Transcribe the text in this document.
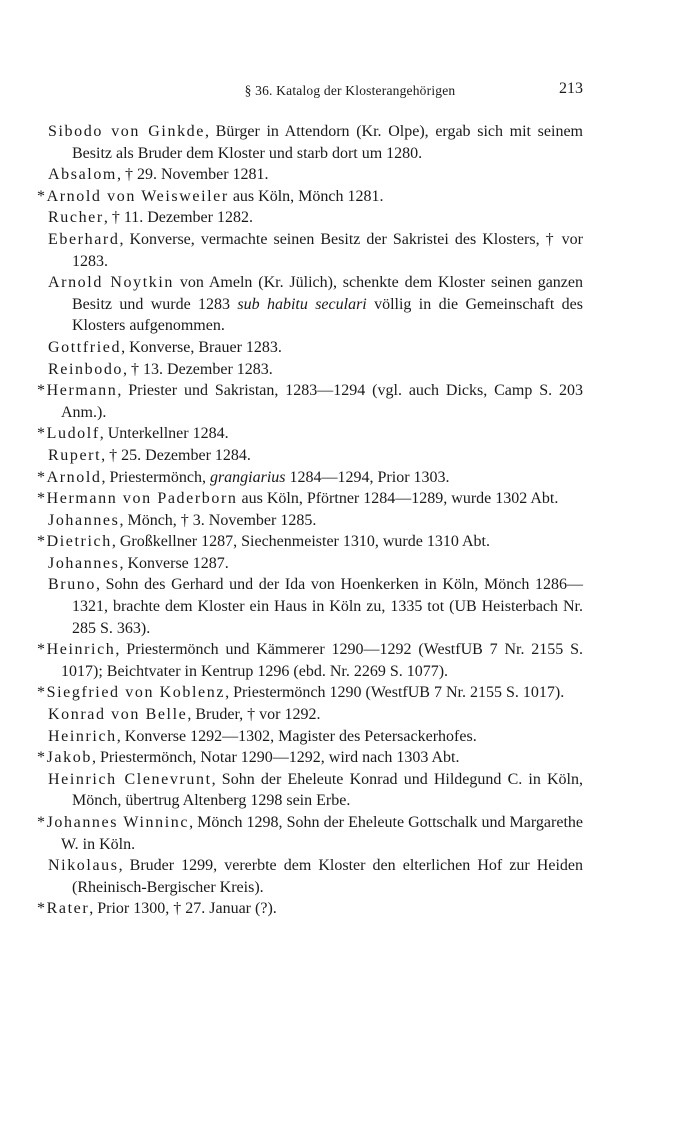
§ 36. Katalog der Klosterangehörigen	213
Sibodo von Ginkde, Bürger in Attendorn (Kr. Olpe), ergab sich mit seinem Besitz als Bruder dem Kloster und starb dort um 1280.
Absalom, † 29. November 1281.
*Arnold von Weisweiler aus Köln, Mönch 1281.
Rucher, † 11. Dezember 1282.
Eberhard, Konverse, vermachte seinen Besitz der Sakristei des Klosters, † vor 1283.
Arnold Noytkin von Ameln (Kr. Jülich), schenkte dem Kloster seinen ganzen Besitz und wurde 1283 sub habitu seculari völlig in die Gemeinschaft des Klosters aufgenommen.
Gottfried, Konverse, Brauer 1283.
Reinbodo, † 13. Dezember 1283.
*Hermann, Priester und Sakristan, 1283—1294 (vgl. auch Dicks, Camp S. 203 Anm.).
*Ludolf, Unterkellner 1284.
Rupert, † 25. Dezember 1284.
*Arnold, Priestermönch, grangiarius 1284—1294, Prior 1303.
*Hermann von Paderborn aus Köln, Pförtner 1284—1289, wurde 1302 Abt.
Johannes, Mönch, † 3. November 1285.
*Dietrich, Großkellner 1287, Siechenmeister 1310, wurde 1310 Abt.
Johannes, Konverse 1287.
Bruno, Sohn des Gerhard und der Ida von Hoenkerken in Köln, Mönch 1286—1321, brachte dem Kloster ein Haus in Köln zu, 1335 tot (UB Heisterbach Nr. 285 S. 363).
*Heinrich, Priestermönch und Kämmerer 1290—1292 (WestfUB 7 Nr. 2155 S. 1017); Beichtvater in Kentrup 1296 (ebd. Nr. 2269 S. 1077).
*Siegfried von Koblenz, Priestermönch 1290 (WestfUB 7 Nr. 2155 S. 1017).
Konrad von Belle, Bruder, † vor 1292.
Heinrich, Konverse 1292—1302, Magister des Petersackerhofes.
*Jakob, Priestermönch, Notar 1290—1292, wird nach 1303 Abt.
Heinrich Clenevrunt, Sohn der Eheleute Konrad und Hildegund C. in Köln, Mönch, übertrug Altenberg 1298 sein Erbe.
*Johannes Winninc, Mönch 1298, Sohn der Eheleute Gottschalk und Margarethe W. in Köln.
Nikolaus, Bruder 1299, vererbte dem Kloster den elterlichen Hof zur Heiden (Rheinisch-Bergischer Kreis).
*Rater, Prior 1300, † 27. Januar (?).
